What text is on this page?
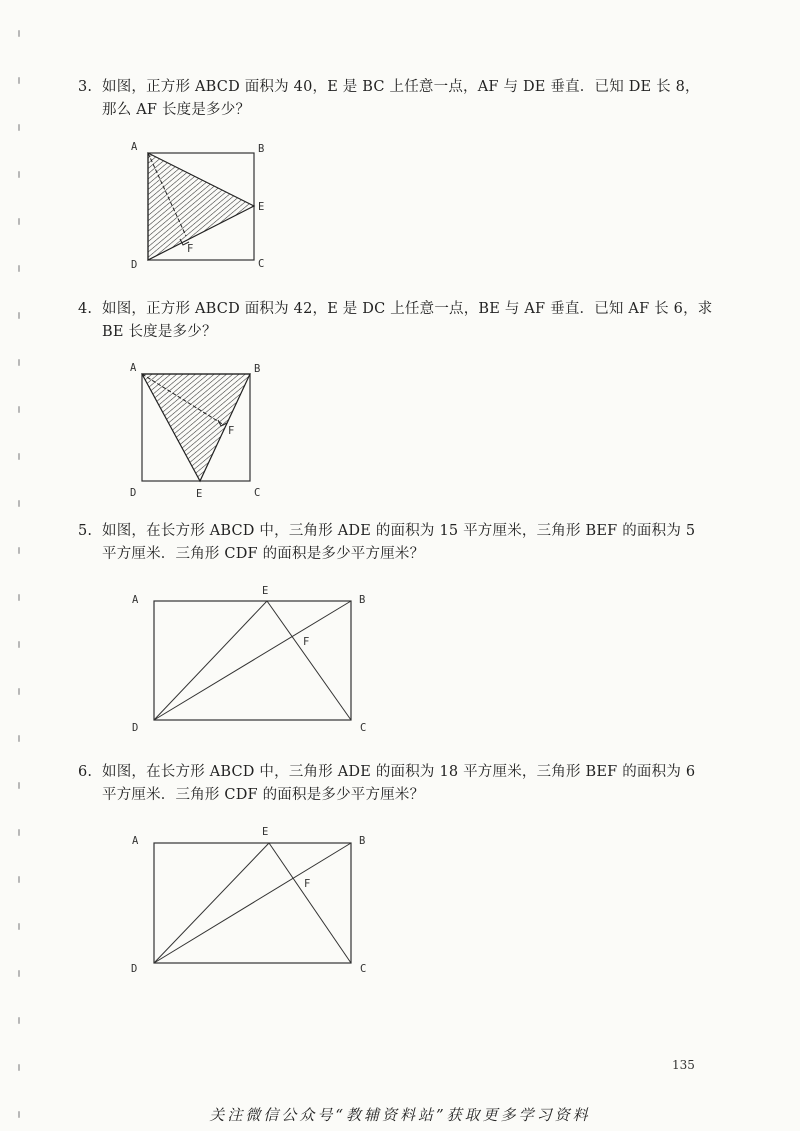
3. 如图，正方形 ABCD 面积为 40，E 是 BC 上任意一点，AF 与 DE 垂直．已知 DE 长 8，
那么 AF 长度是多少？
4. 如图，正方形 ABCD 面积为 42，E 是 DC 上任意一点，BE 与 AF 垂直．已知 AF 长 6，求
BE 长度是多少？
5. 如图，在长方形 ABCD 中，三角形 ADE 的面积为 15 平方厘米，三角形 BEF 的面积为 5
平方厘米．三角形 CDF 的面积是多少平方厘米？
6. 如图，在长方形 ABCD 中，三角形 ADE 的面积为 18 平方厘米，三角形 BEF 的面积为 6
平方厘米．三角形 CDF 的面积是多少平方厘米？
A	B
C
D
E
F
A	B
C
D	E
F
A	B
C
D
E
F
A	B
C
D
E
F
135
关注微信公众号“教辅资料站”获取更多学习资料
